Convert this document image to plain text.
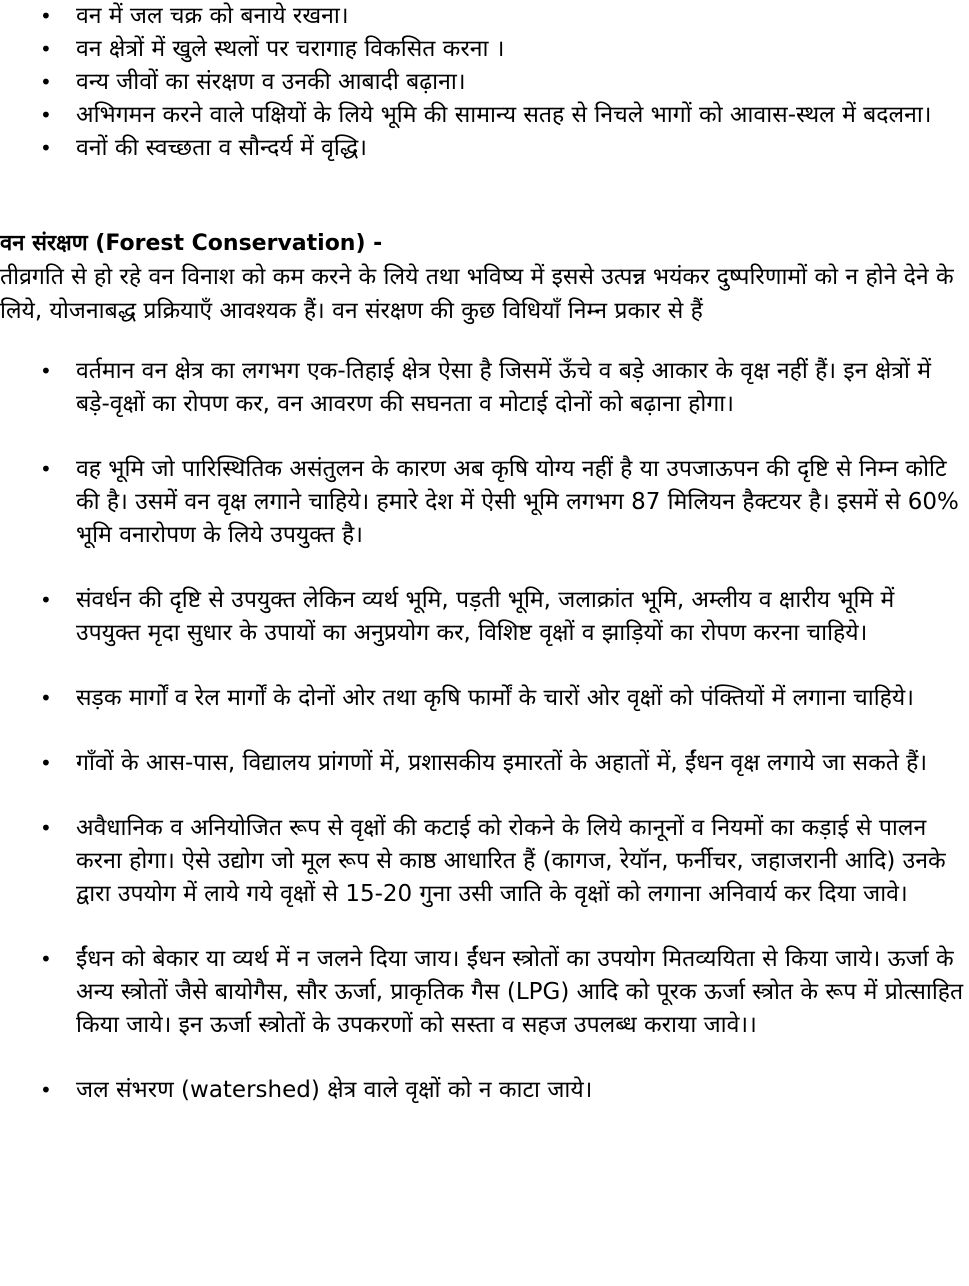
• वन में जल चक्र को बनाये रखना।
• वन क्षेत्रों में खुले स्थलों पर चरागाह विकसित करना ।
• वन्य जीवों का संरक्षण व उनकी आबादी बढ़ाना।
• अभिगमन करने वाले पक्षियों के लिये भूमि की सामान्य सतह से निचले भागों को आवास-स्थल में बदलना।
• वनों की स्वच्छता व सौन्दर्य में वृद्धि।
वन संरक्षण (Forest Conservation) -

तीव्रगति से हो रहे वन विनाश को कम करने के लिये तथा भविष्य में इससे उत्पन्न भयंकर दुष्परिणामों को न होने देने के लिये, योजनाबद्ध प्रक्रियाएँ आवश्यक हैं। वन संरक्षण की कुछ विधियाँ निम्न प्रकार से हैं

• वर्तमान वन क्षेत्र का लगभग एक-तिहाई क्षेत्र ऐसा है जिसमें ऊँचे व बड़े आकार के वृक्ष नहीं हैं। इन क्षेत्रों में बड़े-वृक्षों का रोपण कर, वन आवरण की सघनता व मोटाई दोनों को बढ़ाना होगा।
• वह भूमि जो पारिस्थितिक असंतुलन के कारण अब कृषि योग्य नहीं है या उपजाऊपन की दृष्टि से निम्न कोटि की है। उसमें वन वृक्ष लगाने चाहिये। हमारे देश में ऐसी भूमि लगभग 87 मिलियन हैक्टयर है। इसमें से 60% भूमि वनारोपण के लिये उपयुक्त है।
• संवर्धन की दृष्टि से उपयुक्त लेकिन व्यर्थ भूमि, पड़ती भूमि, जलाक्रांत भूमि, अम्लीय व क्षारीय भूमि में उपयुक्त मृदा सुधार के उपायों का अनुप्रयोग कर, विशिष्ट वृक्षों व झाड़ियों का रोपण करना चाहिये।
• सड़क मार्गों व रेल मार्गों के दोनों ओर तथा कृषि फार्मों के चारों ओर वृक्षों को पंक्तियों में लगाना चाहिये।
• गाँवों के आस-पास, विद्यालय प्रांगणों में, प्रशासकीय इमारतों के अहातों में, ईंधन वृक्ष लगाये जा सकते हैं।
• अवैधानिक व अनियोजित रूप से वृक्षों की कटाई को रोकने के लिये कानूनों व नियमों का कड़ाई से पालन करना होगा। ऐसे उद्योग जो मूल रूप से काष्ठ आधारित हैं (कागज, रेयॉन, फर्नीचर, जहाजरानी आदि) उनके द्वारा उपयोग में लाये गये वृक्षों से 15-20 गुना उसी जाति के वृक्षों को लगाना अनिवार्य कर दिया जावे।
• ईंधन को बेकार या व्यर्थ में न जलने दिया जाय। ईंधन स्त्रोतों का उपयोग मितव्ययिता से किया जाये। ऊर्जा के अन्य स्त्रोतों जैसे बायोगैस, सौर ऊर्जा, प्राकृतिक गैस (LPG) आदि को पूरक ऊर्जा स्त्रोत के रूप में प्रोत्साहित किया जाये। इन ऊर्जा स्त्रोतों के उपकरणों को सस्ता व सहज उपलब्ध कराया जावे।।
• जल संभरण (watershed) क्षेत्र वाले वृक्षों को न काटा जाये।
